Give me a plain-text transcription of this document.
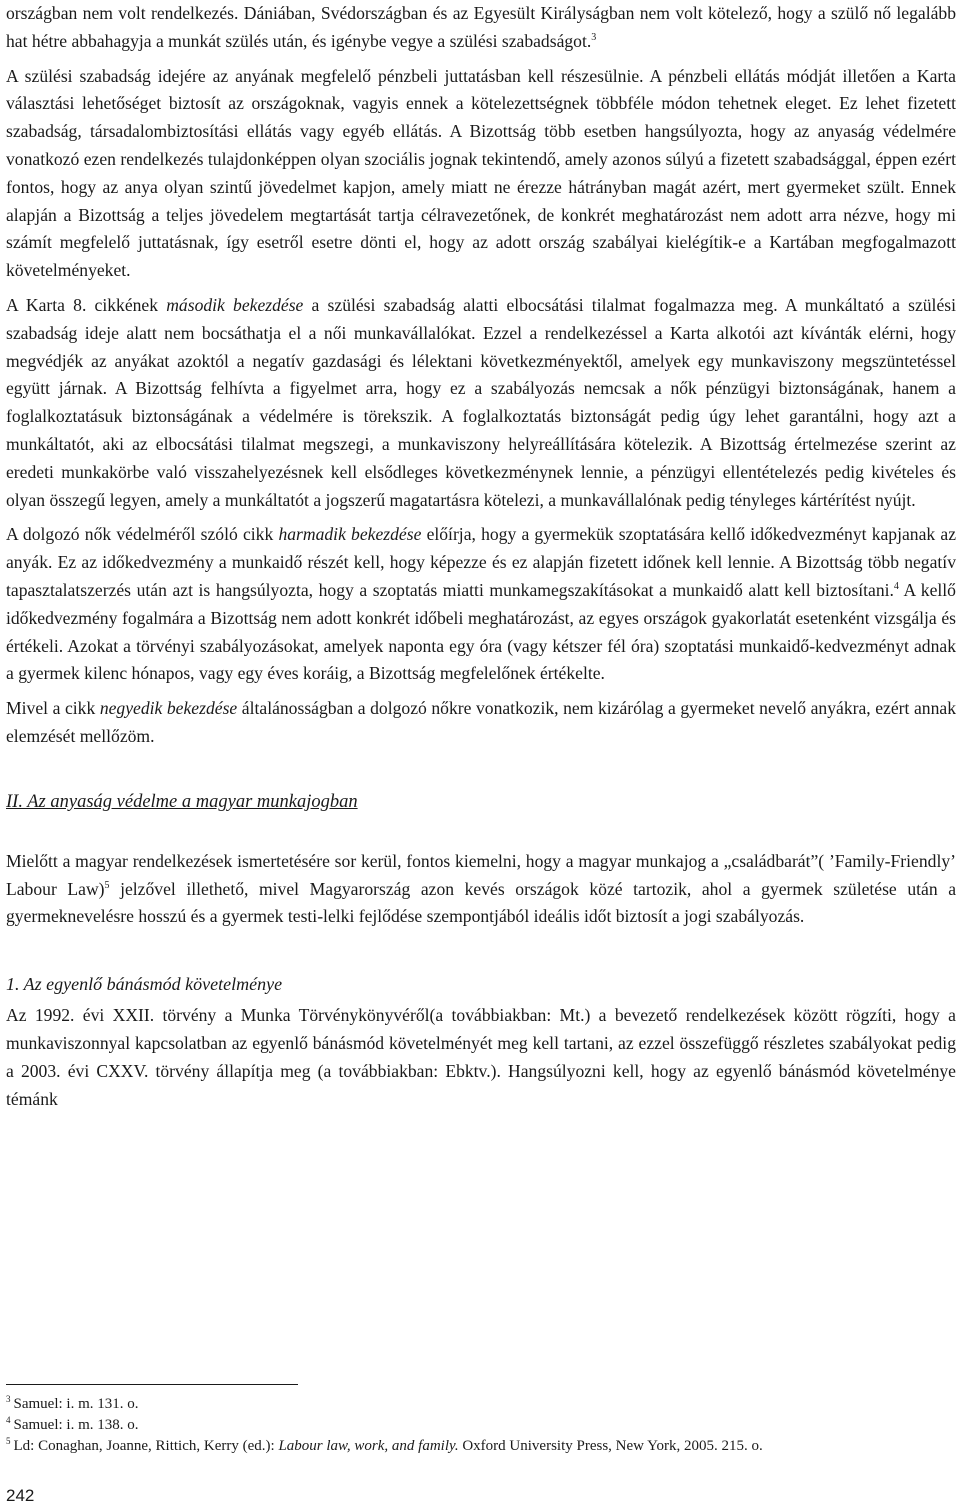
országban nem volt rendelkezés. Dániában, Svédországban és az Egyesült Királyságban nem volt kötelező, hogy a szülő nő legalább hat hétre abbahagyja a munkát szülés után, és igénybe vegye a szülési szabadságot.$^3$

A szülési szabadság idejére az anyának megfelelő pénzbeli juttatásban kell részesülnie. A pénzbeli ellátás módját illetően a Karta választási lehetőséget biztosít az országoknak, vagyis ennek a kötelezettségnek többféle módon tehetnek eleget. Ez lehet fizetett szabadság, társadalombiztosítási ellátás vagy egyéb ellátás. A Bizottság több esetben hangsúlyozta, hogy az anyaság védelmére vonatkozó ezen rendelkezés tulajdonképpen olyan szociális jognak tekintendő, amely azonos súlyú a fizetett szabadsággal, éppen ezért fontos, hogy az anya olyan szintű jövedelmet kapjon, amely miatt ne érezze hátrányban magát azért, mert gyermeket szült. Ennek alapján a Bizottság a teljes jövedelem megtartását tartja célravezetőnek, de konkrét meghatározást nem adott arra nézve, hogy mi számít megfelelő juttatásnak, így esetről esetre dönti el, hogy az adott ország szabályai kielégítik-e a Kartában megfogalmazott követelményeket.

A Karta 8. cikkének második bekezdése a szülési szabadság alatti elbocsátási tilalmat fogalmazza meg. A munkáltató a szülési szabadság ideje alatt nem bocsáthatja el a női munkavállalókat. Ezzel a rendelkezéssel a Karta alkotói azt kívánták elérni, hogy megvédjék az anyákat azoktól a negatív gazdasági és lélektani következményektől, amelyek egy munkaviszony megszüntetéssel együtt járnak. A Bizottság felhívta a figyelmet arra, hogy ez a szabályozás nemcsak a nők pénzügyi biztonságának, hanem a foglalkoztatásuk biztonságának a védelmére is törekszik. A foglalkoztatás biztonságát pedig úgy lehet garantálni, hogy azt a munkáltatót, aki az elbocsátási tilalmat megszegi, a munkaviszony helyreállítására kötelezik. A Bizottság értelmezése szerint az eredeti munkakörbe való visszahelyezésnek kell elsődleges következménynek lennie, a pénzügyi ellentételezés pedig kivételes és olyan összegű legyen, amely a munkáltatót a jogszerű magatartásra kötelezi, a munkavállalónak pedig tényleges kártérítést nyújt.

A dolgozó nők védelméről szóló cikk harmadik bekezdése előírja, hogy a gyermekük szoptatására kellő időkedvezményt kapjanak az anyák. Ez az időkedvezmény a munkaidő részét kell, hogy képezze és ez alapján fizetett időnek kell lennie. A Bizottság több negatív tapasztalatszerzés után azt is hangsúlyozta, hogy a szoptatás miatti munkamegszakításokat a munkaidő alatt kell biztosítani.$^4$ A kellő időkedvezmény fogalmára a Bizottság nem adott konkrét időbeli meghatározást, az egyes országok gyakorlatát esetenként vizsgálja és értékeli. Azokat a törvényi szabályozásokat, amelyek naponta egy óra (vagy kétszer fél óra) szoptatási munkaidő-kedvezményt adnak a gyermek kilenc hónapos, vagy egy éves koráig, a Bizottság megfelelőnek értékelte.

Mivel a cikk negyedik bekezdése általánosságban a dolgozó nőkre vonatkozik, nem kizárólag a gyermeket nevelő anyákra, ezért annak elemzését mellőzöm.

II. Az anyaság védelme a magyar munkajogban

Mielőtt a magyar rendelkezések ismertetésére sor kerül, fontos kiemelni, hogy a magyar munkajog a „családbarát”( ’Family-Friendly’ Labour Law)$^5$ jelzővel illethető, mivel Magyarország azon kevés országok közé tartozik, ahol a gyermek születése után a gyermeknevelésre hosszú és a gyermek testi-lelki fejlődése szempontjából ideális időt biztosít a jogi szabályozás.

1. Az egyenlő bánásmód követelménye

Az 1992. évi XXII. törvény a Munka Törvénykönyvéről(a továbbiakban: Mt.) a bevezető rendelkezések között rögzíti, hogy a munkaviszonnyal kapcsolatban az egyenlő bánásmód követelményét meg kell tartani, az ezzel összefüggő részletes szabályokat pedig a 2003. évi CXXV. törvény állapítja meg (a továbbiakban: Ebktv.). Hangsúlyozni kell, hogy az egyenlő bánásmód követelménye témánk

$^3$ Samuel: i. m. 131. o.

$^4$ Samuel: i. m. 138. o.

$^5$ Ld: Conaghan, Joanne, Rittich, Kerry (ed.): Labour law, work, and family. Oxford University Press, New York, 2005. 215. o.

242
